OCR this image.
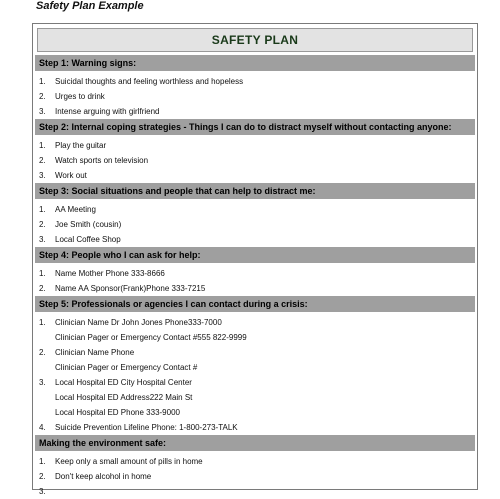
Safety Plan Example
SAFETY PLAN
Step 1: Warning signs:
1. Suicidal thoughts and feeling worthless and hopeless
2. Urges to drink
3. Intense arguing with girlfriend
Step 2: Internal coping strategies - Things I can do to distract myself without contacting anyone:
1. Play the guitar
2. Watch sports on television
3. Work out
Step 3: Social situations and people that can help to distract me:
1. AA Meeting
2. Joe Smith (cousin)
3. Local Coffee Shop
Step 4: People who I can ask for help:
1. Name Mother Phone 333-8666
2. Name AA Sponsor(Frank)Phone 333-7215
Step 5: Professionals or agencies I can contact during a crisis:
1. Clinician Name Dr John Jones Phone333-7000
Clinician Pager or Emergency Contact #555 822-9999
2. Clinician Name Phone
Clinician Pager or Emergency Contact #
3. Local Hospital ED City Hospital Center
Local Hospital ED Address222 Main St
Local Hospital ED Phone 333-9000
4. Suicide Prevention Lifeline Phone: 1-800-273-TALK
Making the environment safe:
1. Keep only a small amount of pills in home
2. Don't keep alcohol in home
3.
